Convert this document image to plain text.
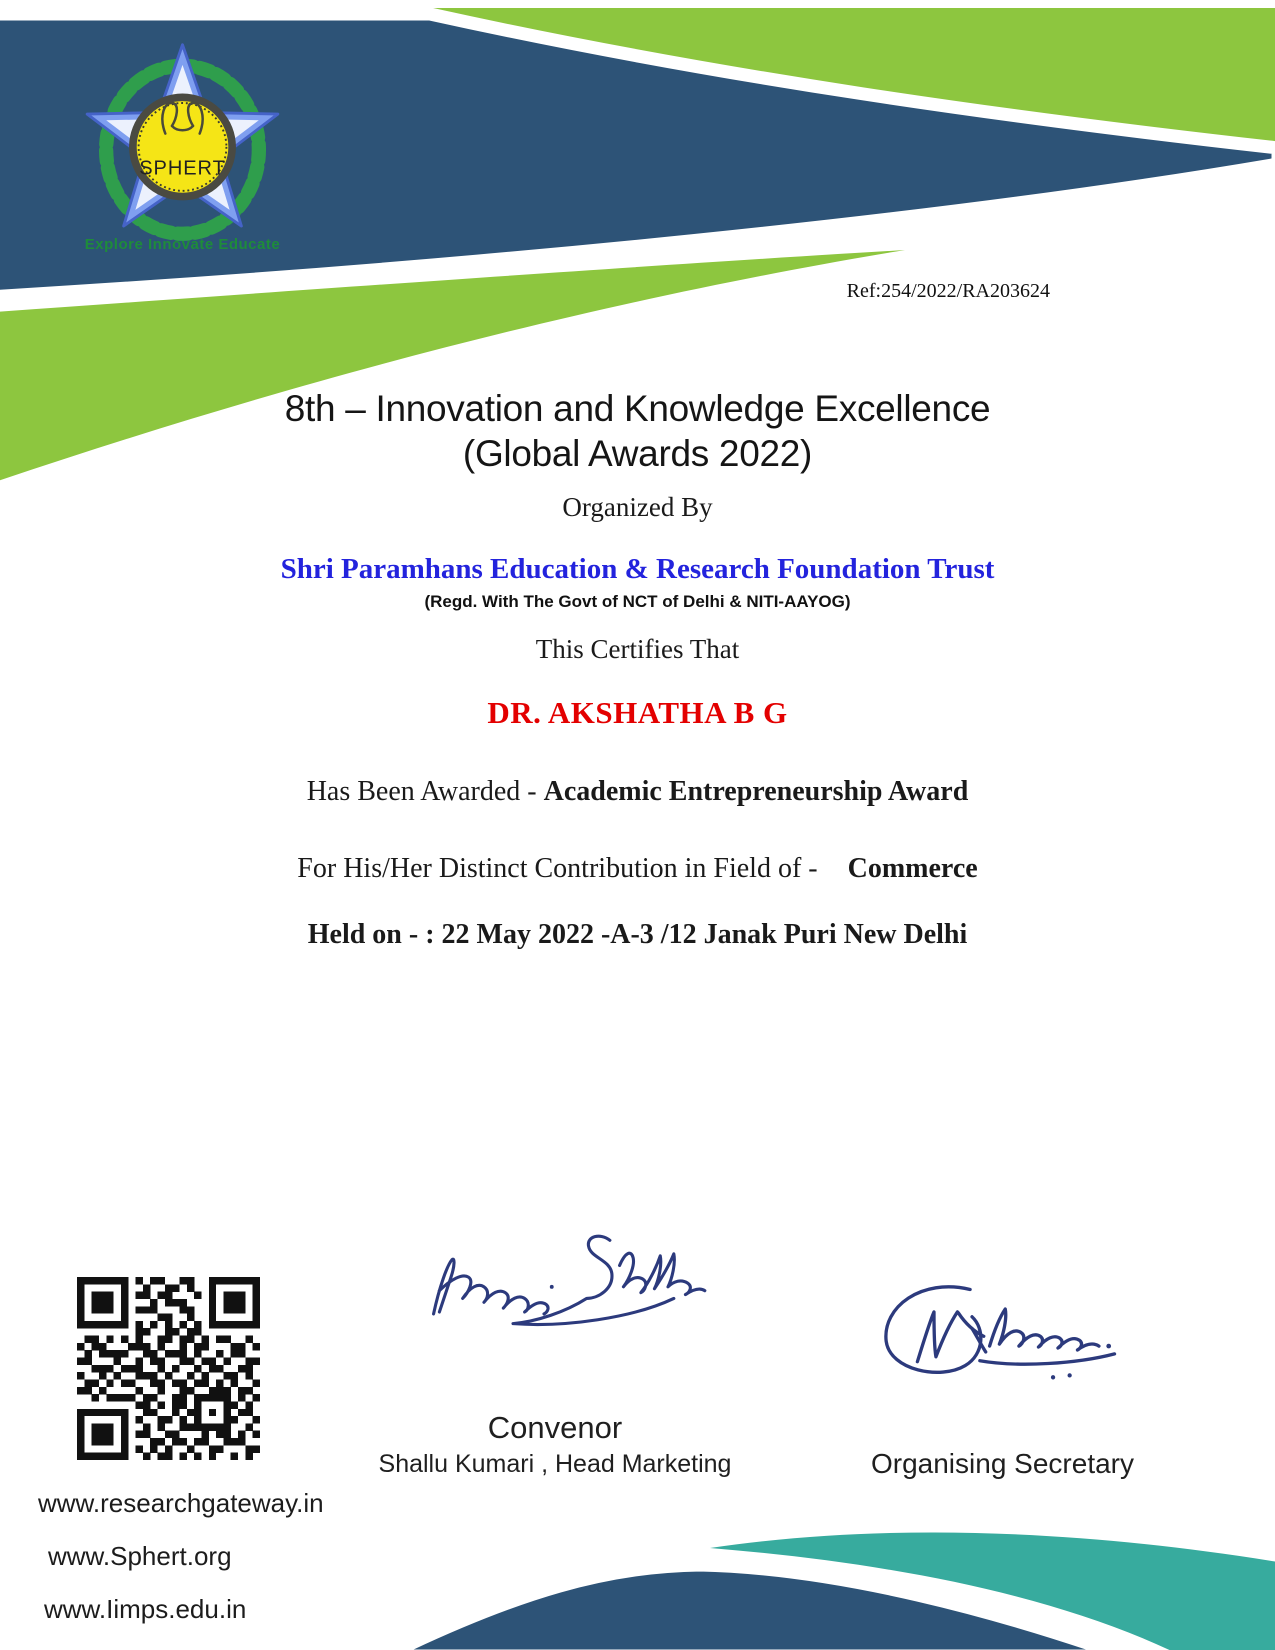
SPHERT
Explore Innovate Educate
Ref:254/2022/RA203624
8th – Innovation and Knowledge Excellence
(Global Awards 2022)
Organized By
Shri Paramhans Education & Research Foundation Trust
(Regd. With The Govt of NCT of Delhi & NITI-AAYOG)
This Certifies That
DR. AKSHATHA B G
Has Been Awarded - Academic Entrepreneurship Award
For His/Her Distinct Contribution in Field of - Commerce
Held on - : 22 May 2022 -A-3 /12 Janak Puri New Delhi
www.researchgateway.in
www.Sphert.org
www.Iimps.edu.in
Convenor
Shallu Kumari , Head Marketing	Organising Secretary
